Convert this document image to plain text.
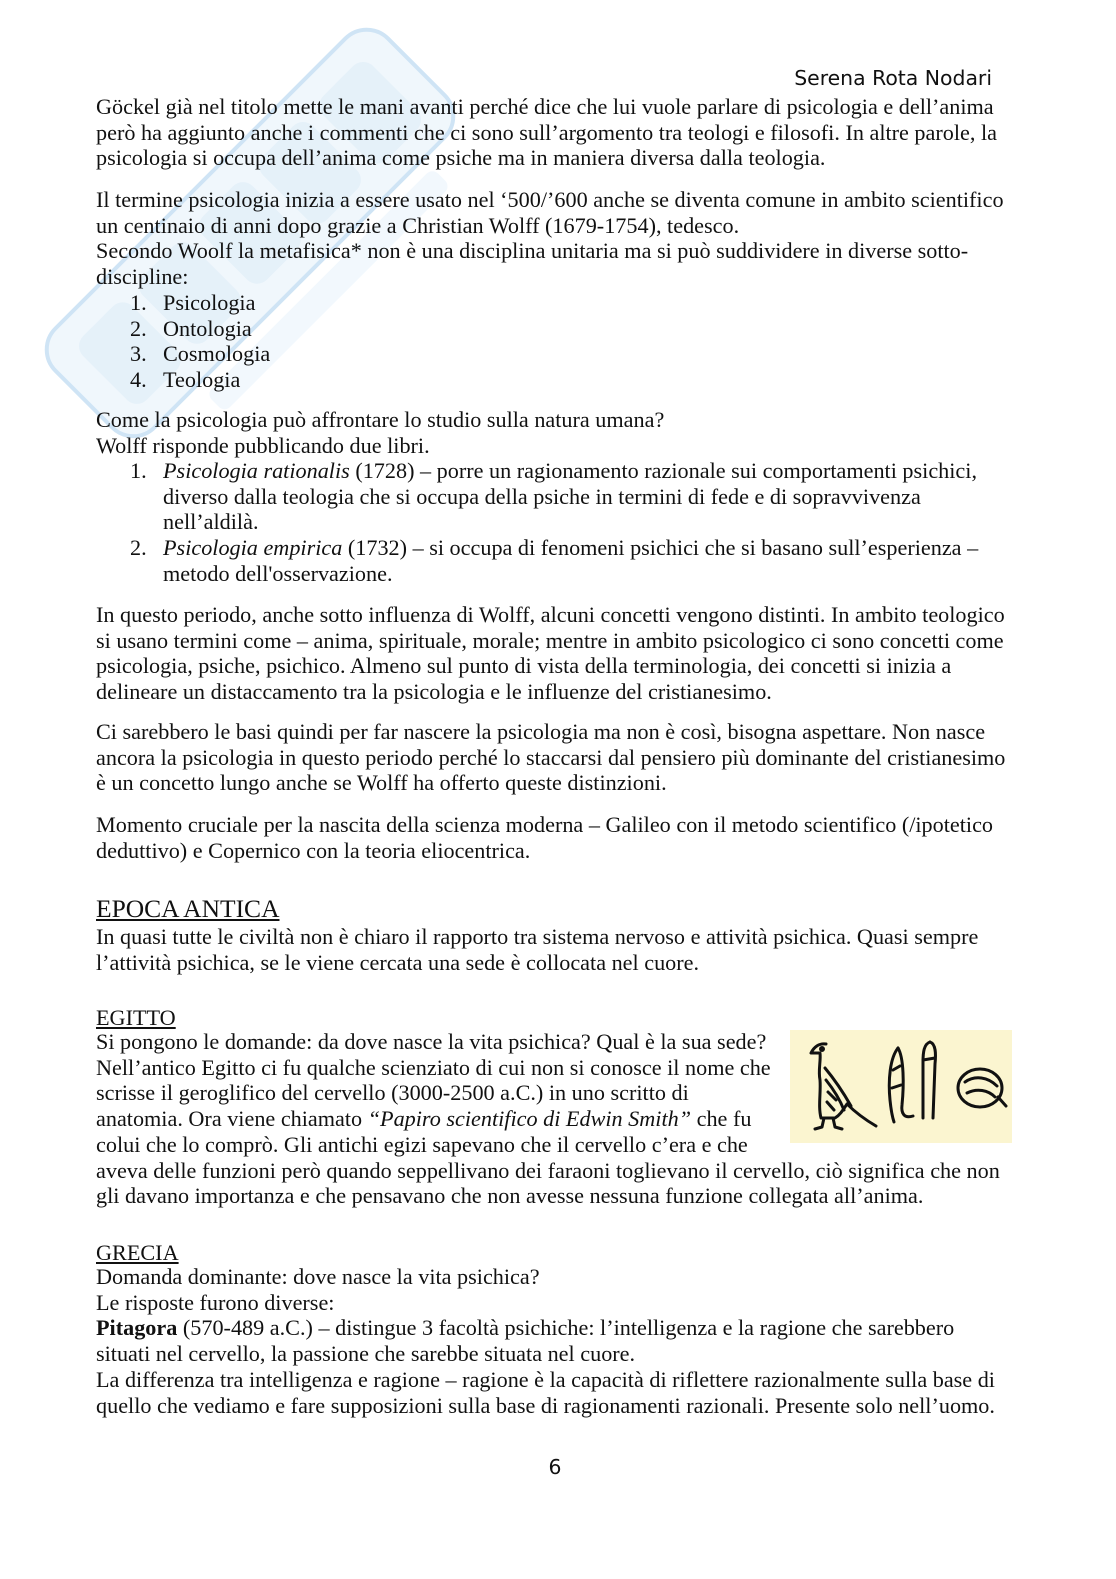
Serena Rota Nodari
Göckel già nel titolo mette le mani avanti perché dice che lui vuole parlare di psicologia e dell’anima
però ha aggiunto anche i commenti che ci sono sull’argomento tra teologi e filosofi. In altre parole, la
psicologia si occupa dell’anima come psiche ma in maniera diversa dalla teologia.
Il termine psicologia inizia a essere usato nel ‘500/’600 anche se diventa comune in ambito scientifico
un centinaio di anni dopo grazie a Christian Wolff (1679-1754), tedesco.
Secondo Woolf la metafisica* non è una disciplina unitaria ma si può suddividere in diverse sotto-
discipline:
1. Psicologia
2. Ontologia
3. Cosmologia
4. Teologia
Come la psicologia può affrontare lo studio sulla natura umana?
Wolff risponde pubblicando due libri.
1. Psicologia rationalis (1728) – porre un ragionamento razionale sui comportamenti psichici,
diverso dalla teologia che si occupa della psiche in termini di fede e di sopravvivenza
nell’aldilà.
2. Psicologia empirica (1732) – si occupa di fenomeni psichici che si basano sull’esperienza –
metodo dell'osservazione.
In questo periodo, anche sotto influenza di Wolff, alcuni concetti vengono distinti. In ambito teologico
si usano termini come – anima, spirituale, morale; mentre in ambito psicologico ci sono concetti come
psicologia, psiche, psichico. Almeno sul punto di vista della terminologia, dei concetti si inizia a
delineare un distaccamento tra la psicologia e le influenze del cristianesimo.
Ci sarebbero le basi quindi per far nascere la psicologia ma non è così, bisogna aspettare. Non nasce
ancora la psicologia in questo periodo perché lo staccarsi dal pensiero più dominante del cristianesimo
è un concetto lungo anche se Wolff ha offerto queste distinzioni.
Momento cruciale per la nascita della scienza moderna – Galileo con il metodo scientifico (/ipotetico
deduttivo) e Copernico con la teoria eliocentrica.
EPOCA ANTICA
In quasi tutte le civiltà non è chiaro il rapporto tra sistema nervoso e attività psichica. Quasi sempre
l’attività psichica, se le viene cercata una sede è collocata nel cuore.
EGITTO
Si pongono le domande: da dove nasce la vita psichica? Qual è la sua sede?
Nell’antico Egitto ci fu qualche scienziato di cui non si conosce il nome che
scrisse il geroglifico del cervello (3000-2500 a.C.) in uno scritto di
anatomia. Ora viene chiamato “Papiro scientifico di Edwin Smith” che fu
colui che lo comprò. Gli antichi egizi sapevano che il cervello c’era e che
aveva delle funzioni però quando seppellivano dei faraoni toglievano il cervello, ciò significa che non
gli davano importanza e che pensavano che non avesse nessuna funzione collegata all’anima.
GRECIA
Domanda dominante: dove nasce la vita psichica?
Le risposte furono diverse:
Pitagora (570-489 a.C.) – distingue 3 facoltà psichiche: l’intelligenza e la ragione che sarebbero
situati nel cervello, la passione che sarebbe situata nel cuore.
La differenza tra intelligenza e ragione – ragione è la capacità di riflettere razionalmente sulla base di
quello che vediamo e fare supposizioni sulla base di ragionamenti razionali. Presente solo nell’uomo.
6
